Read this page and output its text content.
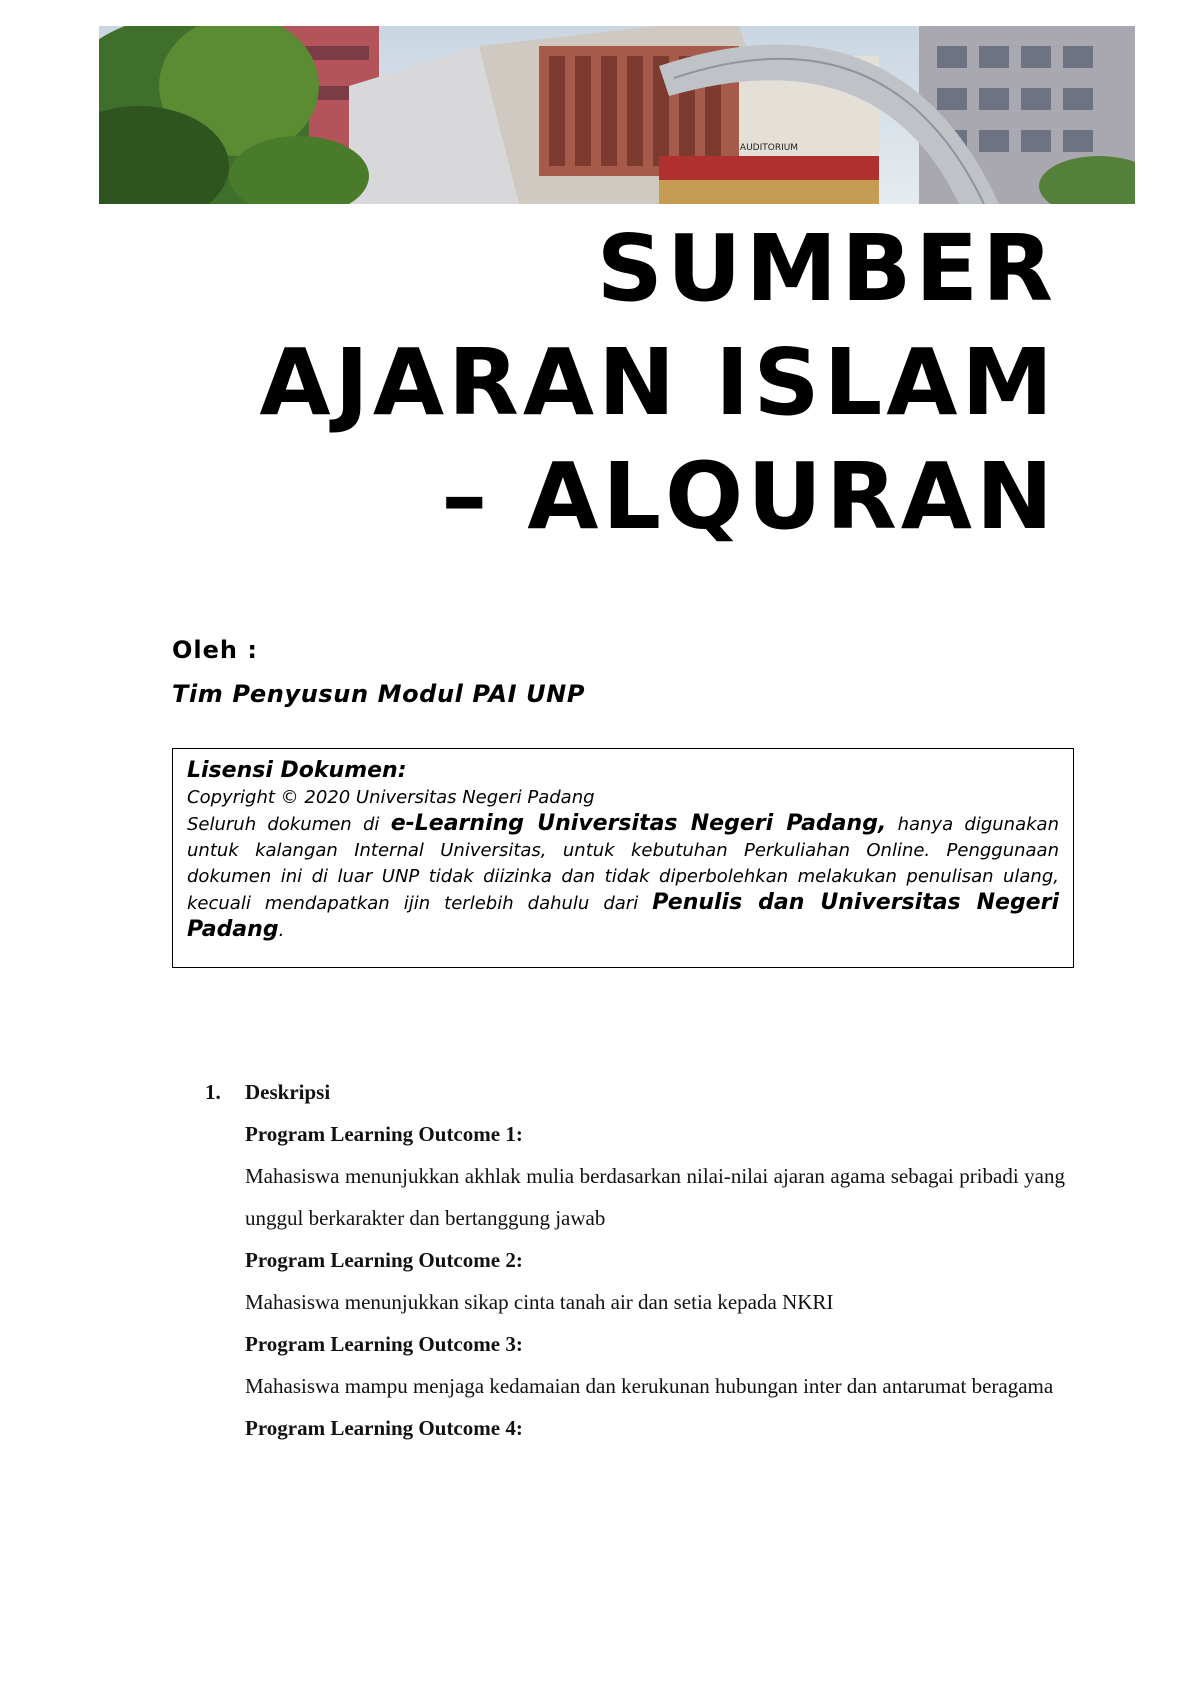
AUDITORIUM
SUMBER
AJARAN ISLAM
– ALQURAN
Oleh :
Tim Penyusun Modul PAI UNP
Lisensi Dokumen:
Copyright © 2020 Universitas Negeri Padang

Seluruh dokumen di e-Learning Universitas Negeri Padang, hanya digunakan untuk kalangan Internal Universitas, untuk kebutuhan Perkuliahan Online. Penggunaan dokumen ini di luar UNP tidak diizinka dan tidak diperbolehkan melakukan penulisan ulang, kecuali mendapatkan ijin terlebih dahulu dari Penulis dan Universitas Negeri Padang.

1.	Deskripsi
Program Learning Outcome 1:
Mahasiswa menunjukkan akhlak mulia berdasarkan nilai-nilai ajaran agama sebagai pribadi yang unggul berkarakter dan bertanggung jawab
Program Learning Outcome 2:
Mahasiswa menunjukkan sikap cinta tanah air dan setia kepada NKRI
Program Learning Outcome 3:
Mahasiswa mampu menjaga kedamaian dan kerukunan hubungan inter dan antarumat beragama
Program Learning Outcome 4:
